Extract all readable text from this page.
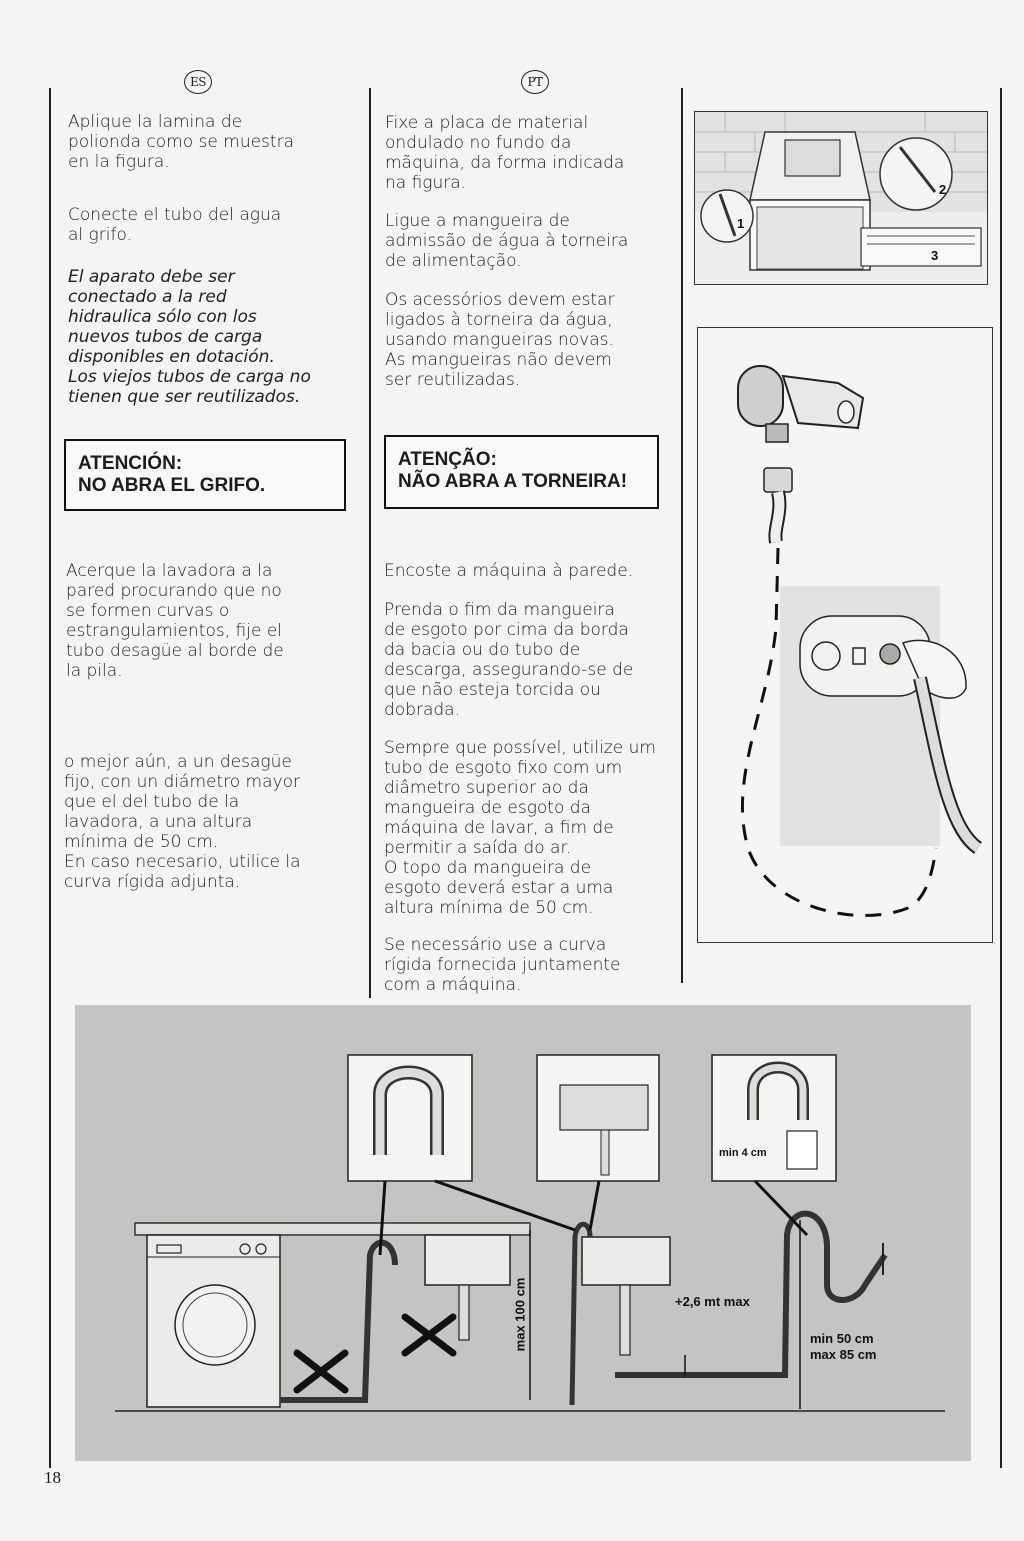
ES

Aplique la lamina de
polionda como se muestra
en la figura.

Conecte el tubo del agua
al grifo.

El aparato debe ser
conectado a la red
hidraulica sólo con los
nuevos tubos de carga
disponibles en dotación.
Los viejos tubos de carga no
tienen que ser reutilizados.

ATENCIÓN:
NO ABRA EL GRIFO.

Acerque la lavadora a la
pared procurando que no
se formen curvas o
estrangulamientos, fije el
tubo desagüe al borde de
la pila.

o mejor aún, a un desagüe
fijo, con un diámetro mayor
que el del tubo de la
lavadora, a una altura
mínima de 50 cm.
En caso necesario, utilice la
curva rígida adjunta.

PT

Fixe a placa de material
ondulado no fundo da
mãquina, da forma indicada
na figura.

Ligue a mangueira de
admissão de água à torneira
de alimentação.

Os acessórios devem estar
ligados à torneira da água,
usando mangueiras novas.
As mangueiras não devem
ser reutilizadas.

ATENÇÃO:
NÃO ABRA A TORNEIRA!

Encoste a máquina à parede.

Prenda o fim da mangueira
de esgoto por cima da borda
da bacia ou do tubo de
descarga, assegurando-se de
que não esteja torcida ou
dobrada.

Sempre que possível, utilize um
tubo de esgoto fixo com um
diâmetro superior ao da
mangueira de esgoto da
máquina de lavar, a fim de
permitir a saída do ar.
O topo da mangueira de
esgoto deverá estar a uma
altura mínima de 50 cm.

Se necessário use a curva
rígida fornecida juntamente
com a máquina.

1
2
3
min 4 cm
max 100 cm	+2,6 mt max
min 50 cm
max 85 cm
18
